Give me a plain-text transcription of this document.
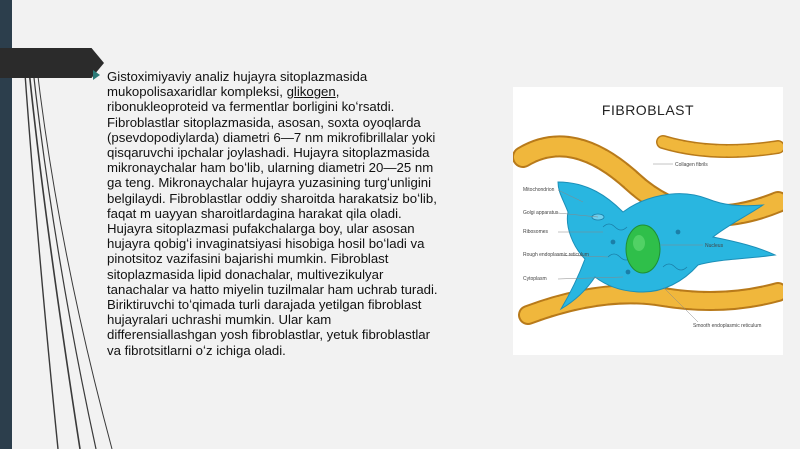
Gistoximiyaviy analiz hujayra sitoplazmasida
mukopolisaxaridlar kompleksi, glikogen,
ribonukleoproteid va fermentlar borligini koʻrsatdi.
Fibroblastlar sitoplazmasida, asosan, soxta oyoqlarda
(psevdopodiylarda) diametri 6—7 nm mikrofibrillalar yoki
qisqaruvchi ipchalar joylashadi. Hujayra sitoplazmasida
mikronaychalar ham boʻlib, ularning diametri 20—25 nm
ga teng. Mikronaychalar hujayra yuzasining turgʻunligini
belgilaydi. Fibroblastlar oddiy sharoitda harakatsiz boʻlib,
faqat m uayyan sharoitlardagina harakat qila oladi.
Hujayra sitoplazmasi pufakchalarga boy, ular asosan
hujayra qobigʻi invaginatsiyasi hisobiga hosil boʻladi va
pinotsitoz vazifasini bajarishi mumkin. Fibroblast
sitoplazmasida lipid donachalar, multivezikulyar
tanachalar va hatto miyelin tuzilmalar ham uchrab turadi.
Biriktiruvchi toʻqimada turli darajada yetilgan fibroblast
hujayralari uchrashi mumkin. Ular kam
differensiallashgan yosh fibroblastlar, yetuk fibroblastlar
va fibrotsitlarni oʻz ichiga oladi.
Collagen fibrils
Mitochondrion
Golgi apparatus
Ribosomes
Rough endoplasmic reticulum
Cytoplasm
Nucleus
Smooth endoplasmic reticulum
FIBROBLAST
